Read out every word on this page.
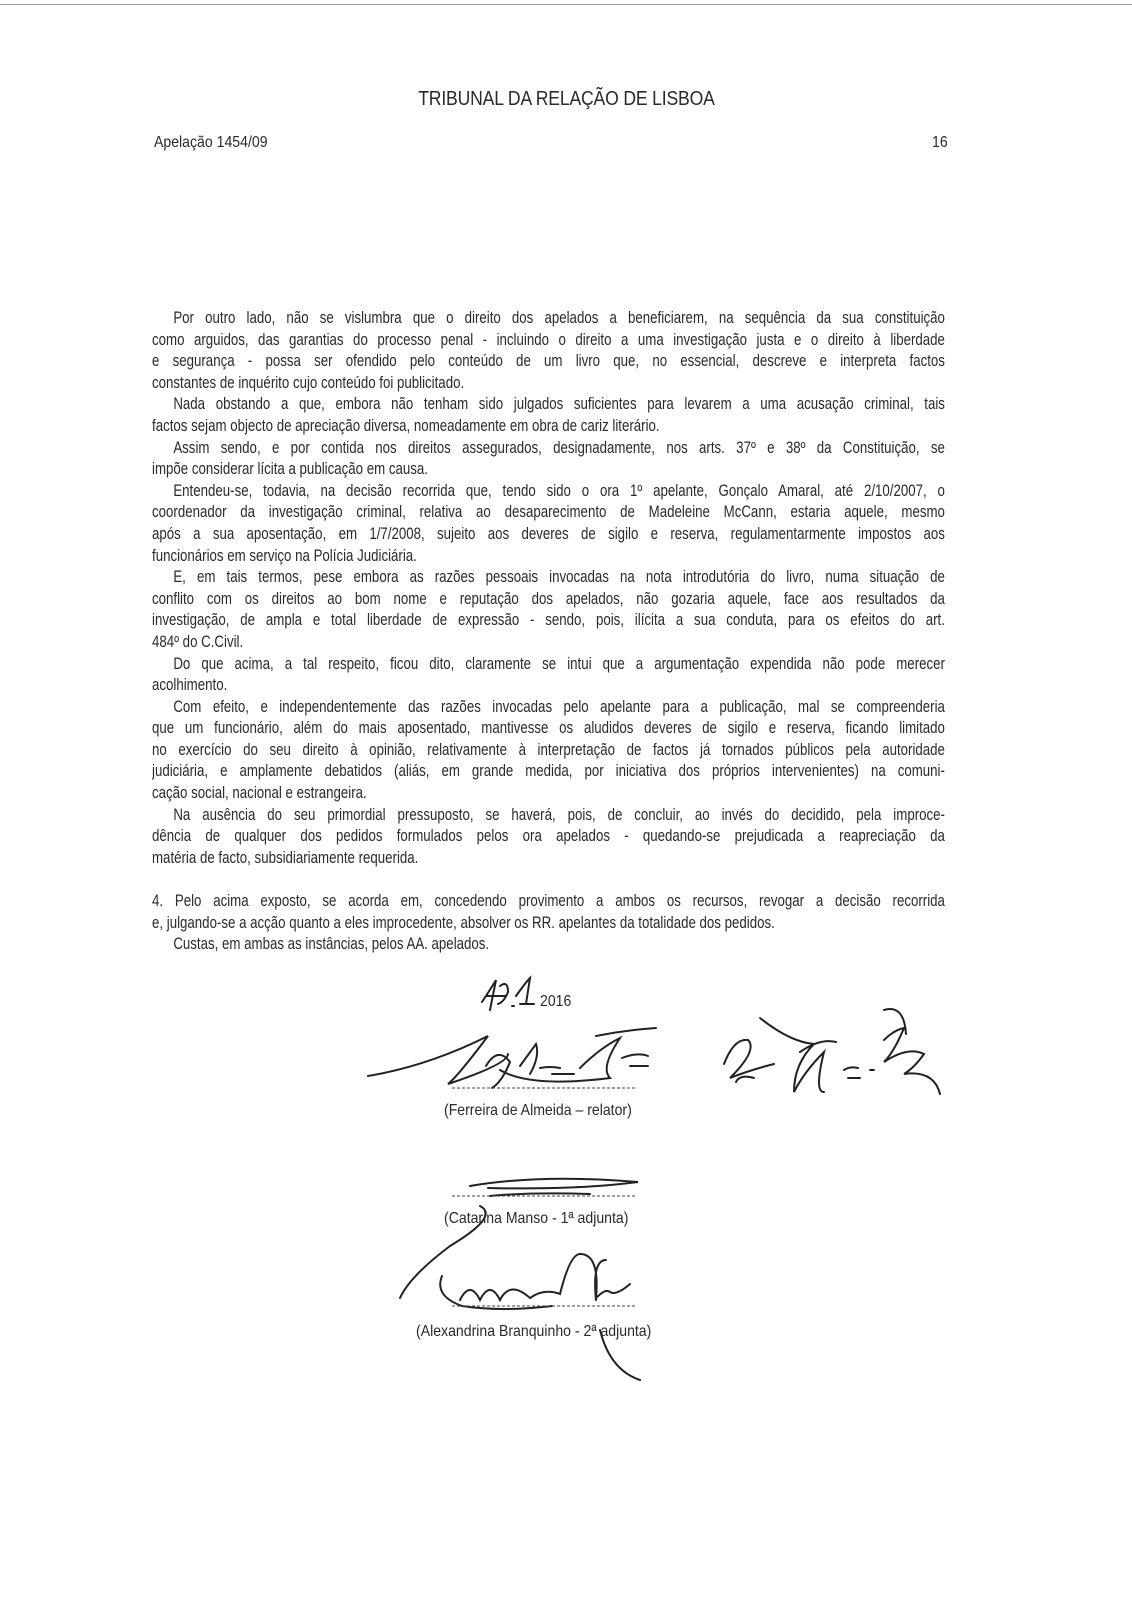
TRIBUNAL DA RELAÇÃO DE LISBOA
Apelação 1454/09	16
Por outro lado, não se vislumbra que o direito dos apelados a beneficiarem, na sequência da sua constituição
como arguidos, das garantias do processo penal - incluindo o direito a uma investigação justa e o direito à liberdade
e segurança - possa ser ofendido pelo conteúdo de um livro que, no essencial, descreve e interpreta factos
constantes de inquérito cujo conteúdo foi publicitado.
Nada obstando a que, embora não tenham sido julgados suficientes para levarem a uma acusação criminal, tais
factos sejam objecto de apreciação diversa, nomeadamente em obra de cariz literário.
Assim sendo, e por contida nos direitos assegurados, designadamente, nos arts. 37º e 38º da Constituição, se
impõe considerar lícita a publicação em causa.
Entendeu-se, todavia, na decisão recorrida que, tendo sido o ora 1º apelante, Gonçalo Amaral, até 2/10/2007, o
coordenador da investigação criminal, relativa ao desaparecimento de Madeleine McCann, estaria aquele, mesmo
após a sua aposentação, em 1/7/2008, sujeito aos deveres de sigilo e reserva, regulamentarmente impostos aos
funcionários em serviço na Polícia Judiciária.
E, em tais termos, pese embora as razões pessoais invocadas na nota introdutória do livro, numa situação de
conflito com os direitos ao bom nome e reputação dos apelados, não gozaria aquele, face aos resultados da
investigação, de ampla e total liberdade de expressão - sendo, pois, ilícita a sua conduta, para os efeitos do art.
484º do C.Civil.
Do que acima, a tal respeito, ficou dito, claramente se intui que a argumentação expendida não pode merecer
acolhimento.
Com efeito, e independentemente das razões invocadas pelo apelante para a publicação, mal se compreenderia
que um funcionário, além do mais aposentado, mantivesse os aludidos deveres de sigilo e reserva, ficando limitado
no exercício do seu direito à opinião, relativamente à interpretação de factos já tornados públicos pela autoridade
judiciária, e amplamente debatidos (aliás, em grande medida, por iniciativa dos próprios intervenientes) na comuni-
cação social, nacional e estrangeira.
Na ausência do seu primordial pressuposto, se haverá, pois, de concluir, ao invés do decidido, pela improce-
dência de qualquer dos pedidos formulados pelos ora apelados - quedando-se prejudicada a reapreciação da
matéria de facto, subsidiariamente requerida.
4. Pelo acima exposto, se acorda em, concedendo provimento a ambos os recursos, revogar a decisão recorrida
e, julgando-se a acção quanto a eles improcedente, absolver os RR. apelantes da totalidade dos pedidos.
Custas, em ambas as instâncias, pelos AA. apelados.
2016
(Ferreira de Almeida – relator)
(Catarina Manso - 1ª adjunta)
(Alexandrina Branquinho - 2ª adjunta)
